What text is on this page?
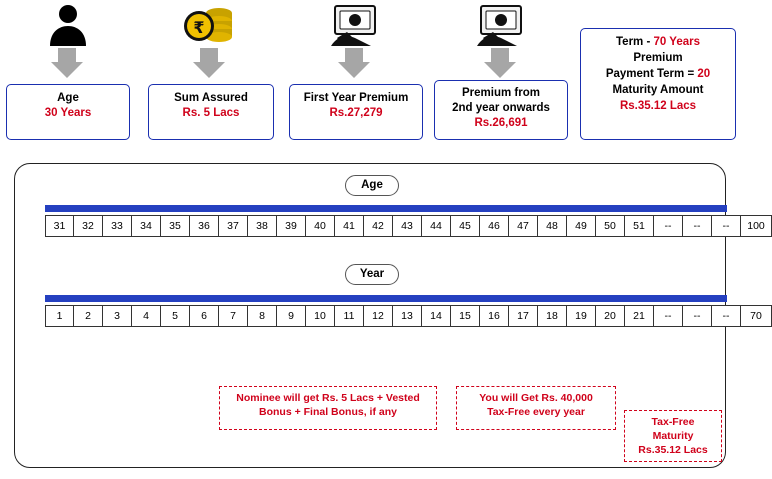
₹
Age
30 Years
Sum Assured
Rs. 5 Lacs
First Year Premium
Rs.27,279
Premium from
2nd year onwards
Rs.26,691
Term - 70 Years
Premium
Payment Term = 20
Maturity Amount
Rs.35.12 Lacs
Age
31	32	33	34	35	36	37	38	39	40	41	42	43	44	45	46	47	48	49	50	51	--	--	--	100
Year
1	2	3	4	5	6	7	8	9	10	11	12	13	14	15	16	17	18	19	20	21	--	--	--	70
Nominee will get Rs. 5 Lacs + Vested
Bonus + Final Bonus, if any
You will Get Rs. 40,000
Tax-Free every year
Tax-Free
Maturity
Rs.35.12 Lacs
